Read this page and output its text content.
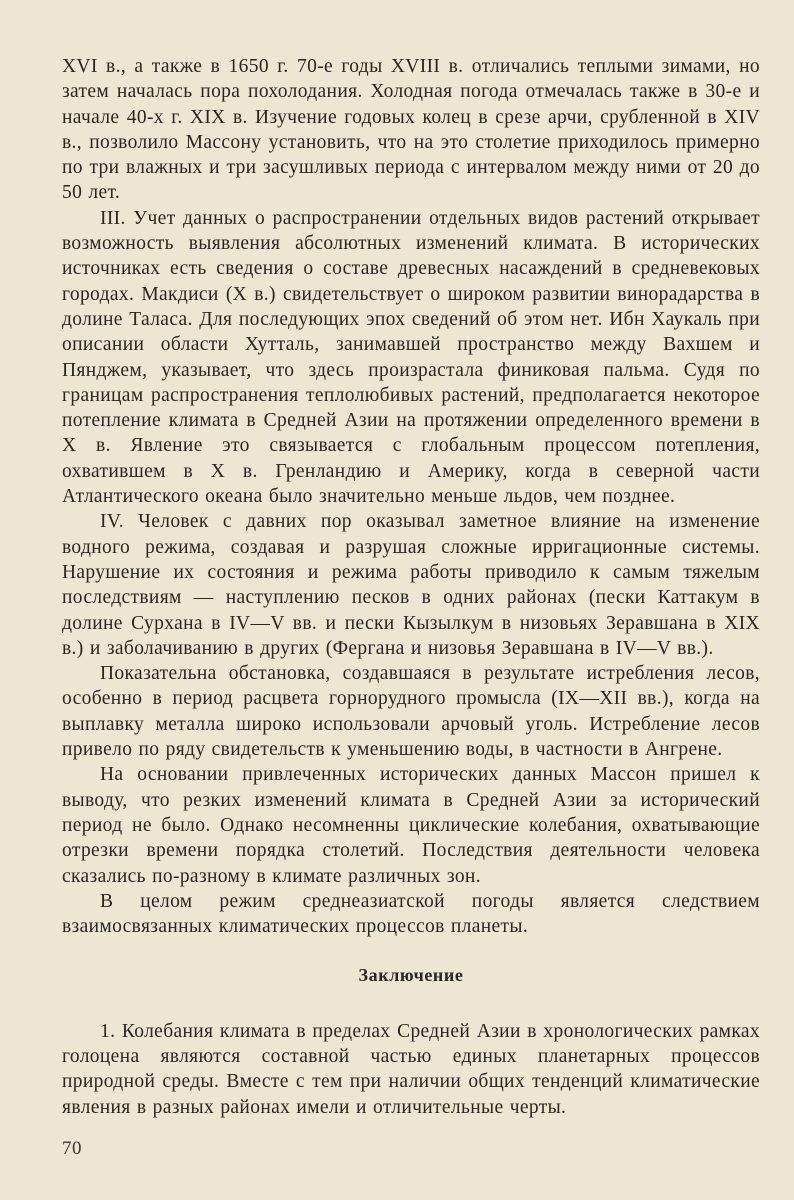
XVI в., а также в 1650 г. 70-е годы XVIII в. отличались теплыми зимами, но затем началась пора похолодания. Холодная погода отмечалась также в 30-е и начале 40-х г. XIX в. Изучение годовых колец в срезе арчи, срубленной в XIV в., позволило Массону установить, что на это столетие приходилось примерно по три влажных и три засушливых периода с интервалом между ними от 20 до 50 лет.

III. Учет данных о распространении отдельных видов растений открывает возможность выявления абсолютных изменений климата. В исторических источниках есть сведения о составе древесных насаждений в средневековых городах. Макдиси (X в.) свидетельствует о широком развитии винорадарства в долине Таласа. Для последующих эпох сведений об этом нет. Ибн Хаукаль при описании области Хутталь, занимавшей пространство между Вахшем и Пянджем, указывает, что здесь произрастала финиковая пальма. Судя по границам распространения теплолюбивых растений, предполагается некоторое потепление климата в Средней Азии на протяжении определенного времени в X в. Явление это связывается с глобальным процессом потепления, охватившем в X в. Гренландию и Америку, когда в северной части Атлантического океана было значительно меньше льдов, чем позднее.

IV. Человек с давних пор оказывал заметное влияние на изменение водного режима, создавая и разрушая сложные ирригационные системы. Нарушение их состояния и режима работы приводило к самым тяжелым последствиям — наступлению песков в одних районах (пески Каттакум в долине Сурхана в IV—V вв. и пески Кызылкум в низовьях Зеравшана в XIX в.) и заболачиванию в других (Фергана и низовья Зеравшана в IV—V вв.).

Показательна обстановка, создавшаяся в результате истребления лесов, особенно в период расцвета горнорудного промысла (IX—XII вв.), когда на выплавку металла широко использовали арчовый уголь. Истребление лесов привело по ряду свидетельств к уменьшению воды, в частности в Ангрене.

На основании привлеченных исторических данных Массон пришел к выводу, что резких изменений климата в Средней Азии за исторический период не было. Однако несомненны циклические колебания, охватывающие отрезки времени порядка столетий. Последствия деятельности человека сказались по-разному в климате различных зон.

В целом режим среднеазиатской погоды является следствием взаимосвязанных климатических процессов планеты.

Заключение

1. Колебания климата в пределах Средней Азии в хронологических рамках голоцена являются составной частью единых планетарных процессов природной среды. Вместе с тем при наличии общих тенденций климатические явления в разных районах имели и отличительные черты.

70
